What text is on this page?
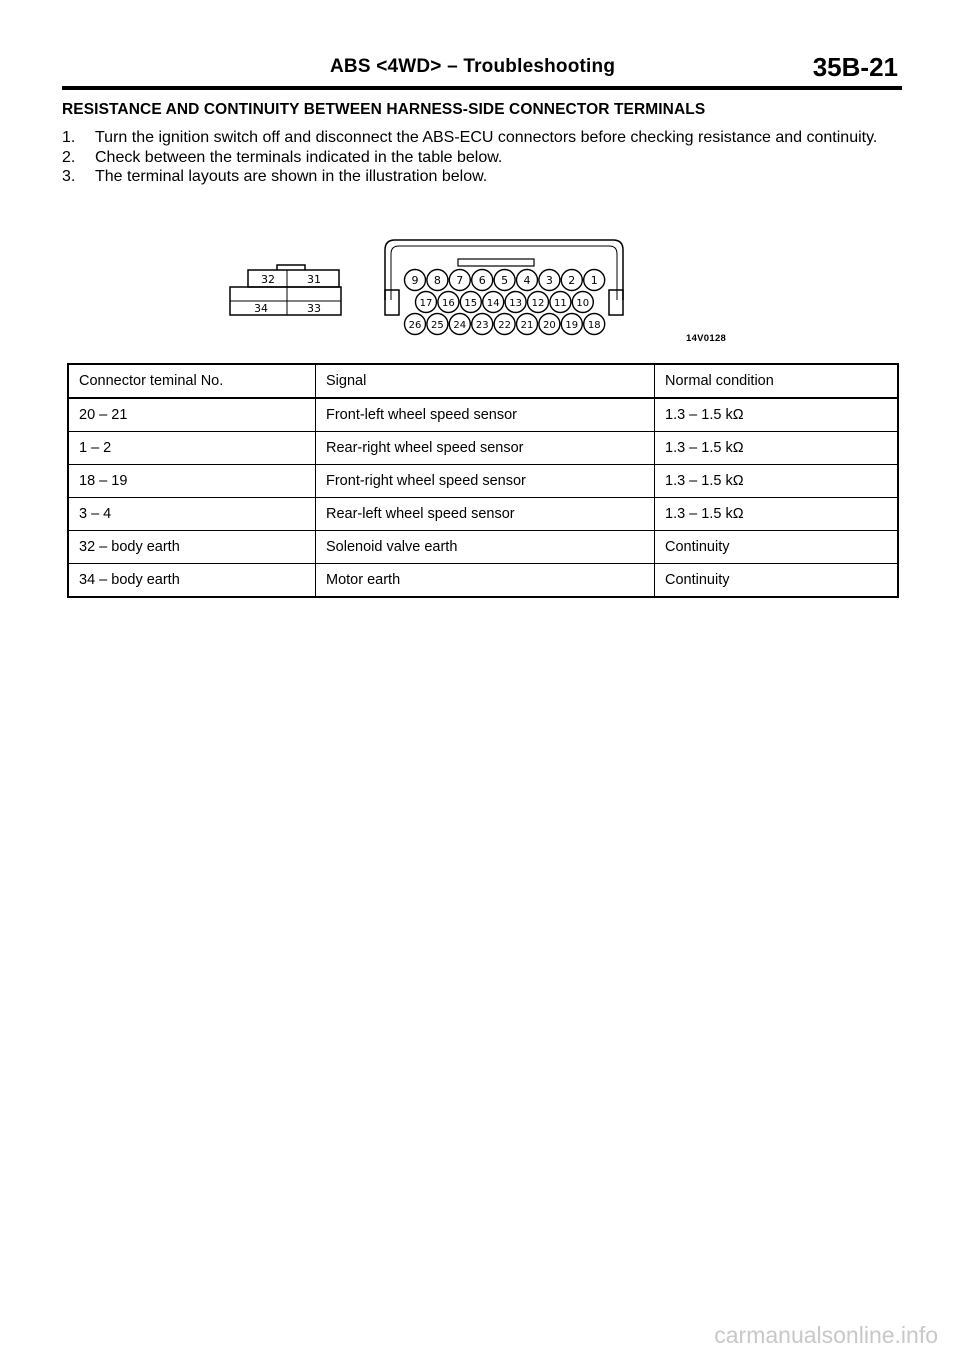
ABS <4WD> – Troubleshooting	35B-21
RESISTANCE AND CONTINUITY BETWEEN HARNESS-SIDE CONNECTOR TERMINALS
1.	Turn the ignition switch off and disconnect the ABS-ECU connectors before checking resistance and continuity.
2.	Check between the terminals indicated in the table below.
3.	The terminal layouts are shown in the illustration below.
32	31
34	33
9 8 7 6 5 4 3 2 1
17 16 15 14 13 12 11 10
26 25 24 23 22 21 20 19 18
14V0128
Connector teminal No.	Signal	Normal condition
20 – 21	Front-left wheel speed sensor	1.3 – 1.5 kΩ
1 – 2	Rear-right wheel speed sensor	1.3 – 1.5 kΩ
18 – 19	Front-right wheel speed sensor	1.3 – 1.5 kΩ
3 – 4	Rear-left wheel speed sensor	1.3 – 1.5 kΩ
32 – body earth	Solenoid valve earth	Continuity
34 – body earth	Motor earth	Continuity
carmanualsonline.info
